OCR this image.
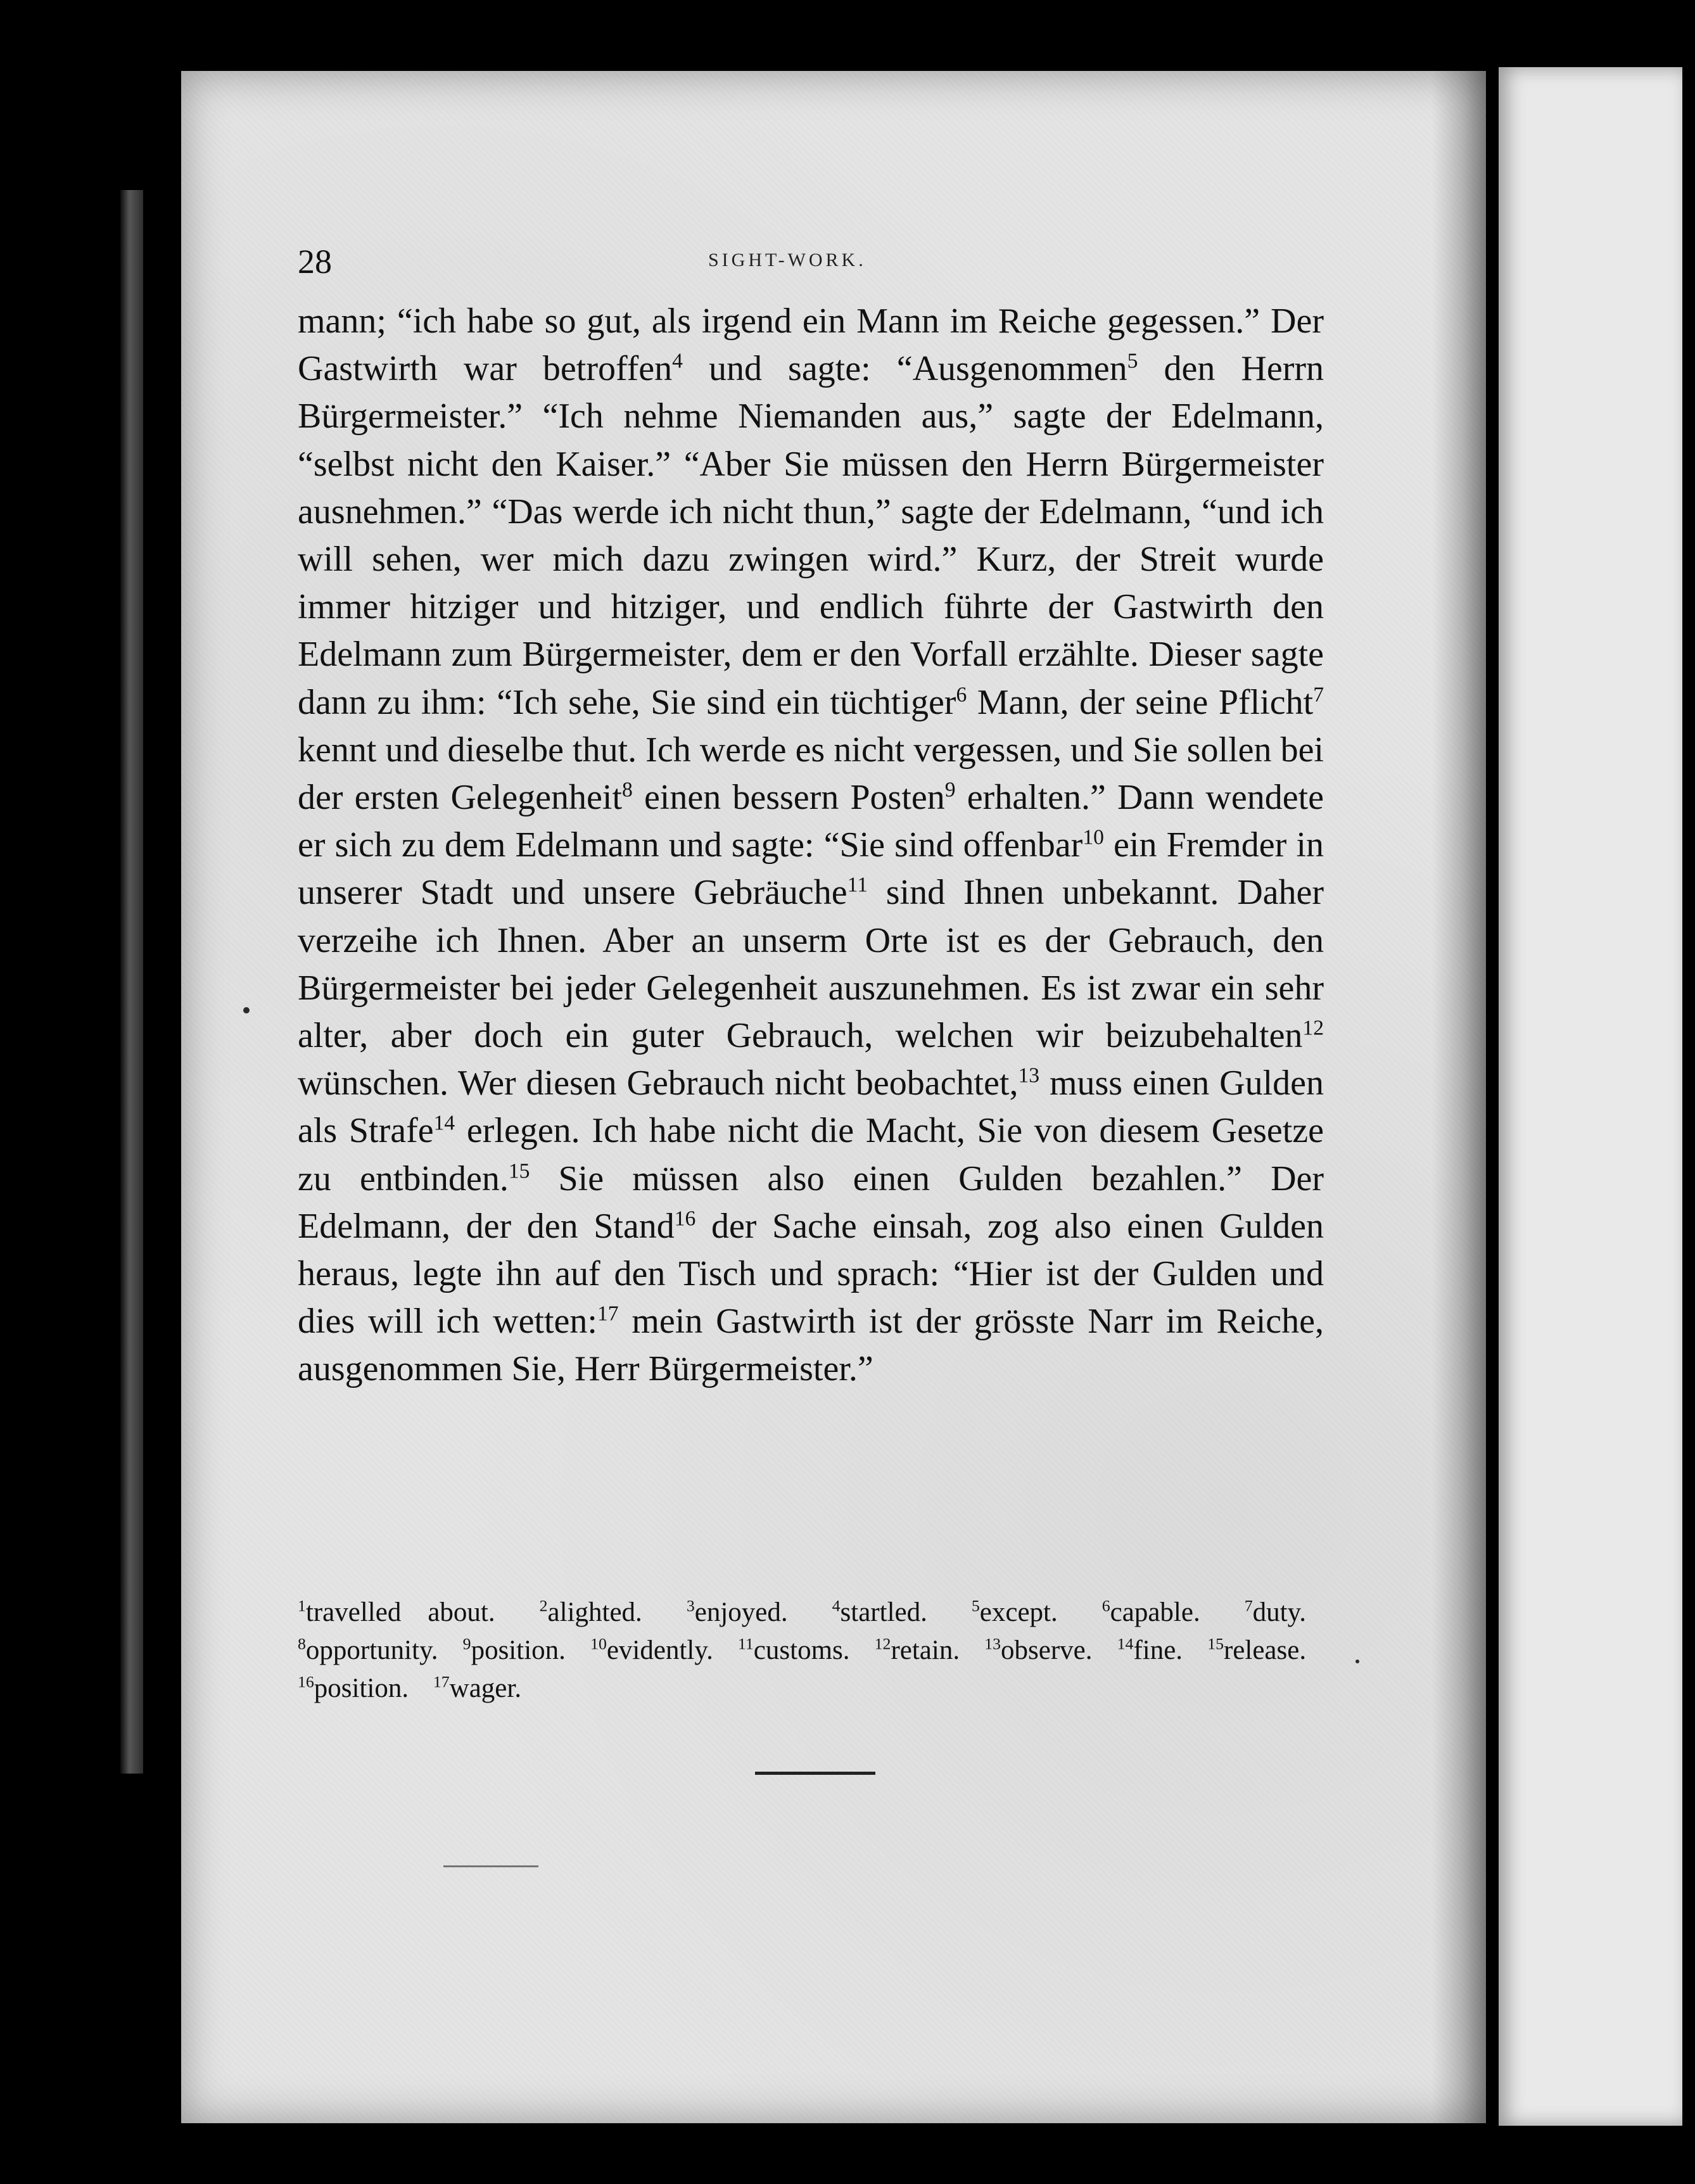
28	SIGHT-WORK.

mann; “ich habe so gut, als irgend ein Mann im Reiche gegessen.” Der Gastwirth war betroffen$^4$ und sagte: “Ausgenommen$^5$ den Herrn Bürgermeister.” “Ich nehme Niemanden aus,” sagte der Edelmann, “selbst nicht den Kaiser.” “Aber Sie müssen den Herrn Bürgermeister ausnehmen.” “Das werde ich nicht thun,” sagte der Edelmann, “und ich will sehen, wer mich dazu zwingen wird.” Kurz, der Streit wurde immer hitziger und hitziger, und endlich führte der Gastwirth den Edelmann zum Bürgermeister, dem er den Vorfall erzählte. Dieser sagte dann zu ihm: “Ich sehe, Sie sind ein tüchtiger$^6$ Mann, der seine Pflicht$^7$ kennt und dieselbe thut. Ich werde es nicht vergessen, und Sie sollen bei der ersten Gelegenheit$^8$ einen bessern Posten$^9$ erhalten.” Dann wendete er sich zu dem Edelmann und sagte: “Sie sind offenbar$^{10}$ ein Fremder in unserer Stadt und unsere Gebräuche$^{11}$ sind Ihnen unbekannt. Daher verzeihe ich Ihnen. Aber an unserm Orte ist es der Gebrauch, den Bürgermeister bei jeder Gelegenheit auszunehmen. Es ist zwar ein sehr alter, aber doch ein guter Gebrauch, welchen wir beizubehalten$^{12}$ wünschen. Wer diesen Gebrauch nicht beobachtet,$^{13}$ muss einen Gulden als Strafe$^{14}$ erlegen. Ich habe nicht die Macht, Sie von diesem Gesetze zu entbinden.$^{15}$ Sie müssen also einen Gulden bezahlen.” Der Edelmann, der den Stand$^{16}$ der Sache einsah, zog also einen Gulden heraus, legte ihn auf den Tisch und sprach: “Hier ist der Gulden und dies will ich wetten:$^{17}$ mein Gastwirth ist der grösste Narr im Reiche, ausgenommen Sie, Herr Bürgermeister.”

$^1$travelled about.	$^2$alighted.	$^3$enjoyed.	$^4$startled.	$^5$except.	$^6$capable.	$^7$duty. $^8$opportunity. $^9$position. $^{10}$evidently. $^{11}$customs. $^{12}$retain. $^{13}$observe. $^{14}$fine. $^{15}$release. $^{16}$position. $^{17}$wager.
